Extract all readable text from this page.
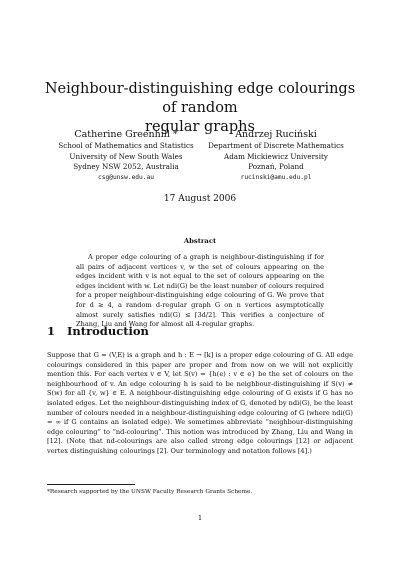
Neighbour-distinguishing edge colourings of random
regular graphs
Catherine Greenhill *
School of Mathematics and Statistics
University of New South Wales
Sydney NSW 2052, Australia
csg@unsw.edu.au
Andrzej Ruciński
Department of Discrete Mathematics
Adam Mickiewicz University
Poznań, Poland
rucinski@amu.edu.pl
17 August 2006
Abstract
A proper edge colouring of a graph is neighbour-distinguishing if for all pairs of adjacent vertices v, w the set of colours appearing on the edges incident with v is not equal to the set of colours appearing on the edges incident with w. Let ndi(G) be the least number of colours required for a proper neighbour-distinguishing edge colouring of G. We prove that for d ≥ 4, a random d-regular graph G on n vertices asymptotically almost surely satisfies ndi(G) ≤ ⌈3d/2⌉. This verifies a conjecture of Zhang, Liu and Wang for almost all 4-regular graphs.
1 Introduction
Suppose that G = (V,E) is a graph and h : E → [k] is a proper edge colouring of G. All edge colourings considered in this paper are proper and from now on we will not explicitly mention this. For each vertex v ∈ V, let S(v) = {h(e) : v ∈ e} be the set of colours on the neighbourhood of v. An edge colouring h is said to be neighbour-distinguishing if S(v) ≠ S(w) for all {v, w} ∈ E. A neighbour-distinguishing edge colouring of G exists if G has no isolated edges. Let the neighbour-distinguishing index of G, denoted by ndi(G), be the least number of colours needed in a neighbour-distinguishing edge colouring of G (where ndi(G) = ∞ if G contains an isolated edge). We sometimes abbreviate “neighbour-distinguishing edge colouring” to “nd-colouring”. This notion was introduced by Zhang, Liu and Wang in [12]. (Note that nd-colourings are also called strong edge colourings [12] or adjacent vertex distinguishing colourings [2]. Our terminology and notation follows [4].)
*Research supported by the UNSW Faculty Research Grants Scheme.
1
